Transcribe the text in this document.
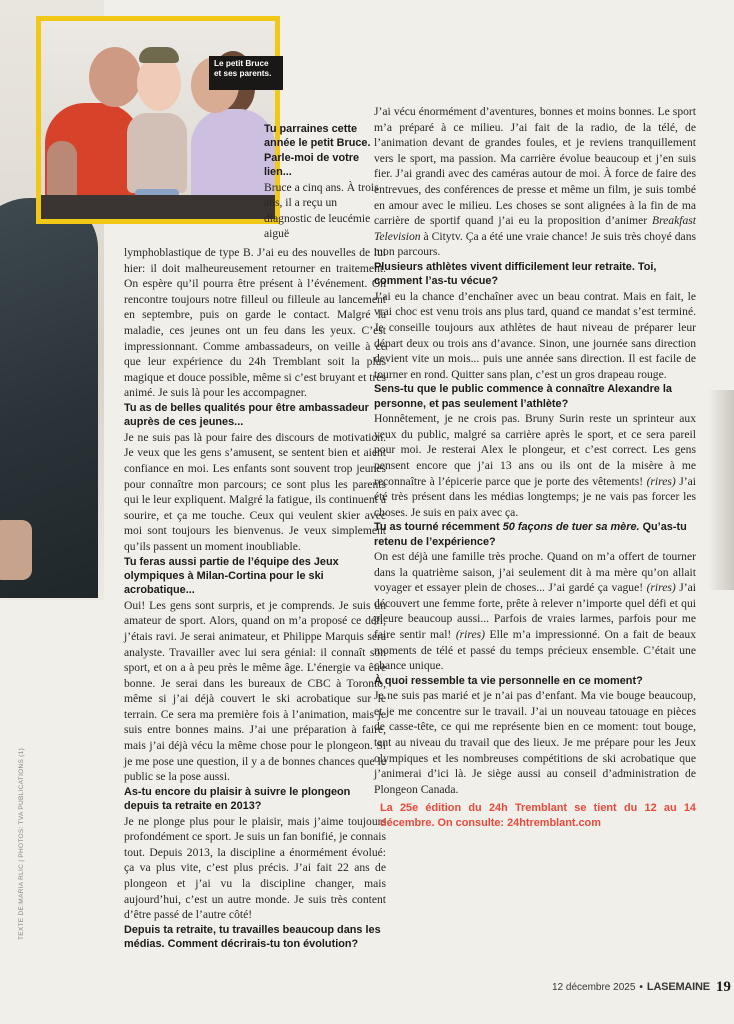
TEXTE DE:MARIA RLIC | PHOTOS: TVA PUBLICATIONS (1)
Le petit Bruce et ses parents.

Tu parraines cette année le petit Bruce. Parle-moi de votre lien...

Bruce a cinq ans. À trois ans, il a reçu un diagnostic de leucémie aiguë

lymphoblastique de type B. J’ai eu des nouvelles de lui hier: il doit malheureusement retourner en traitement. On espère qu’il pourra être présent à l’événement. On rencontre toujours notre filleul ou filleule au lancement en septembre, puis on garde le contact. Malgré la maladie, ces jeunes ont un feu dans les yeux. C’est impressionnant. Comme ambassadeurs, on veille à ce que leur expérience du 24h Tremblant soit la plus magique et douce possible, même si c’est bruyant et très animé. Je suis là pour les accompagner.

Tu as de belles qualités pour être ambassadeur auprès de ces jeunes...

Je ne suis pas là pour faire des discours de motivation. Je veux que les gens s’amusent, se sentent bien et aient confiance en moi. Les enfants sont souvent trop jeunes pour connaître mon parcours; ce sont plus les parents qui le leur expliquent. Malgré la fatigue, ils continuent à sourire, et ça me touche. Ceux qui veulent skier avec moi sont toujours les bienvenus. Je veux simplement qu’ils passent un moment inoubliable.

Tu feras aussi partie de l’équipe des Jeux olympiques à Milan-Cortina pour le ski acrobatique...

Oui! Les gens sont surpris, et je comprends. Je suis un amateur de sport. Alors, quand on m’a proposé ce défi, j’étais ravi. Je serai animateur, et Philippe Marquis sera analyste. Travailler avec lui sera génial: il connaît son sport, et on a à peu près le même âge. L’énergie va être bonne. Je serai dans les bureaux de CBC à Toronto, même si j’ai déjà couvert le ski acrobatique sur le terrain. Ce sera ma première fois à l’animation, mais je suis entre bonnes mains. J’ai une préparation à faire, mais j’ai déjà vécu la même chose pour le plongeon. Si je me pose une question, il y a de bonnes chances que le public se la pose aussi.

As-tu encore du plaisir à suivre le plongeon depuis ta retraite en 2013?

Je ne plonge plus pour le plaisir, mais j’aime toujours profondément ce sport. Je suis un fan bonifié, je connais tout. Depuis 2013, la discipline a énormément évolué: ça va plus vite, c’est plus précis. J’ai fait 22 ans de plongeon et j’ai vu la discipline changer, mais aujourd’hui, c’est un autre monde. Je suis très content d’être passé de l’autre côté!

Depuis ta retraite, tu travailles beaucoup dans les médias. Comment décrirais-tu ton évolution?

J’ai vécu énormément d’aventures, bonnes et moins bonnes. Le sport m’a préparé à ce milieu. J’ai fait de la radio, de la télé, de l’animation devant de grandes foules, et je reviens tranquillement vers le sport, ma passion. Ma carrière évolue beaucoup et j’en suis fier. J’ai grandi avec des caméras autour de moi. À force de faire des entrevues, des conférences de presse et même un film, je suis tombé en amour avec le milieu. Les choses se sont alignées à la fin de ma carrière de sportif quand j’ai eu la proposition d’animer Breakfast Television à Citytv. Ça a été une vraie chance! Je suis très choyé dans mon parcours.

Plusieurs athlètes vivent difficilement leur retraite. Toi, comment l’as-tu vécue?

J’ai eu la chance d’enchaîner avec un beau contrat. Mais en fait, le vrai choc est venu trois ans plus tard, quand ce mandat s’est terminé. Je conseille toujours aux athlètes de haut niveau de préparer leur départ deux ou trois ans d’avance. Sinon, une journée sans direction devient vite un mois... puis une année sans direction. Il est facile de tourner en rond. Quitter sans plan, c’est un gros drapeau rouge.

Sens-tu que le public commence à connaître Alexandre la personne, et pas seulement l’athlète?

Honnêtement, je ne crois pas. Bruny Surin reste un sprinteur aux yeux du public, malgré sa carrière après le sport, et ce sera pareil pour moi. Je resterai Alex le plongeur, et c’est correct. Les gens pensent encore que j’ai 13 ans ou ils ont de la misère à me reconnaître à l’épicerie parce que je porte des vêtements! (rires) J’ai été très présent dans les médias longtemps; je ne vais pas forcer les choses. Je suis en paix avec ça.

Tu as tourné récemment 50 façons de tuer sa mère. Qu’as-tu retenu de l’expérience?

On est déjà une famille très proche. Quand on m’a offert de tourner dans la quatrième saison, j’ai seulement dit à ma mère qu’on allait voyager et essayer plein de choses... J’ai gardé ça vague! (rires) J’ai découvert une femme forte, prête à relever n’importe quel défi et qui pleure beaucoup aussi... Parfois de vraies larmes, parfois pour me faire sentir mal! (rires) Elle m’a impressionné. On a fait de beaux moments de télé et passé du temps précieux ensemble. C’était une chance unique.

À quoi ressemble ta vie personnelle en ce moment?

Je ne suis pas marié et je n’ai pas d’enfant. Ma vie bouge beaucoup, et je me concentre sur le travail. J’ai un nouveau tatouage en pièces de casse-tête, ce qui me représente bien en ce moment: tout bouge, tant au niveau du travail que des lieux. Je me prépare pour les Jeux olympiques et les nombreuses compétitions de ski acrobatique que j’animerai d’ici là. Je siège aussi au conseil d’administration de Plongeon Canada.

La 25e édition du 24h Tremblant se tient du 12 au 14 décembre. On consulte: 24htremblant.com

12 décembre 2025 • LASEMAINE 19
